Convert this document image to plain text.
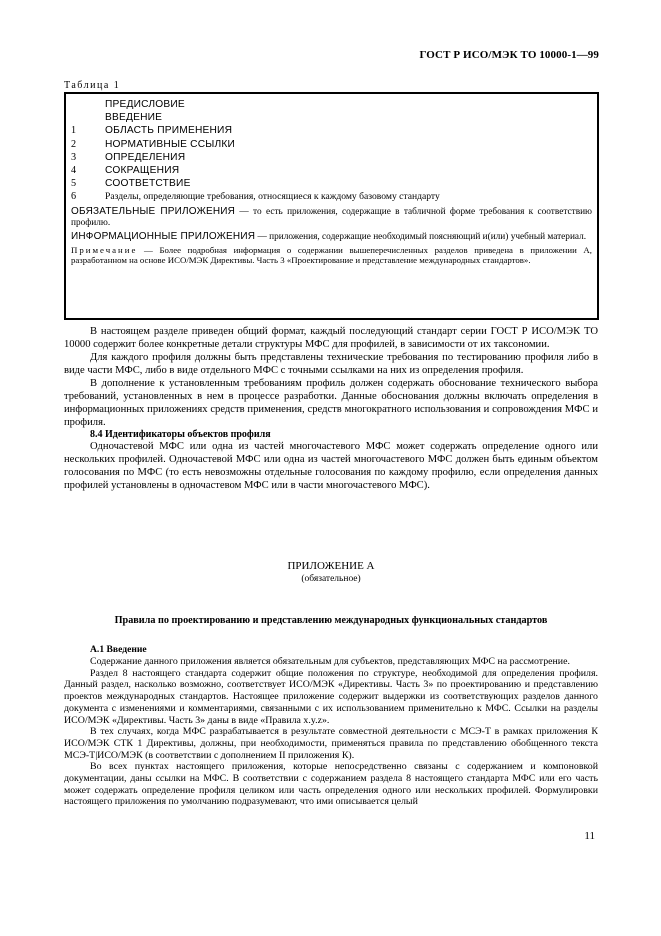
ГОСТ Р ИСО/МЭК ТО 10000-1—99
Таблица 1
ПРЕДИСЛОВИЕ
ВВЕДЕНИЕ
1	ОБЛАСТЬ ПРИМЕНЕНИЯ
2	НОРМАТИВНЫЕ ССЫЛКИ
3	ОПРЕДЕЛЕНИЯ
4	СОКРАЩЕНИЯ
5	СООТВЕТСТВИЕ
6	Разделы, определяющие требования, относящиеся к каждому базовому стандарту
ОБЯЗАТЕЛЬНЫЕ ПРИЛОЖЕНИЯ — то есть приложения, содержащие в табличной форме требования к соответствию профилю.
ИНФОРМАЦИОННЫЕ ПРИЛОЖЕНИЯ — приложения, содержащие необходимый поясняющий и(или) учебный материал.
Примечание — Более подробная информация о содержании вышеперечисленных разделов приведена в приложении А, разработанном на основе ИСО/МЭК Директивы. Часть 3 «Проектирование и представление международных стандартов».

В настоящем разделе приведен общий формат, каждый последующий стандарт серии ГОСТ Р ИСО/МЭК ТО 10000 содержит более конкретные детали структуры МФС для профилей, в зависимости от их таксономии.

Для каждого профиля должны быть представлены технические требования по тестированию профиля либо в виде части МФС, либо в виде отдельного МФС с точными ссылками на них из определения профиля.

В дополнение к установленным требованиям профиль должен содержать обоснование технического выбора требований, установленных в нем в процессе разработки. Данные обоснования должны включать определения в информационных приложениях средств применения, средств многократного использования и сопровождения МФС и профиля.

8.4 Идентификаторы объектов профиля

Одночастевой МФС или одна из частей многочастевого МФС может содержать определение одного или нескольких профилей. Одночастевой МФС или одна из частей многочастевого МФС должен быть единым объектом голосования по МФС (то есть невозможны отдельные голосования по каждому профилю, если определения данных профилей установлены в одночастевом МФС или в части многочастевого МФС).

ПРИЛОЖЕНИЕ А

(обязательное)

Правила по проектированию и представлению международных функциональных стандартов

А.1 Введение

Содержание данного приложения является обязательным для субъектов, представляющих МФС на рассмотрение.

Раздел 8 настоящего стандарта содержит общие положения по структуре, необходимой для определения профиля. Данный раздел, насколько возможно, соответствует ИСО/МЭК «Директивы. Часть 3» по проектированию и представлению проектов международных стандартов. Настоящее приложение содержит выдержки из соответствующих разделов данного документа с изменениями и комментариями, связанными с их использованием применительно к МФС. Ссылки на разделы ИСО/МЭК «Директивы. Часть 3» даны в виде «Правила x.y.z».

В тех случаях, когда МФС разрабатывается в результате совместной деятельности с МСЭ-Т в рамках приложения К ИСО/МЭК СТК 1 Директивы, должны, при необходимости, применяться правила по представлению обобщенного текста МСЭ-Т|ИСО/МЭК (в соответствии с дополнением II приложения К).

Во всех пунктах настоящего приложения, которые непосредственно связаны с содержанием и компоновкой документации, даны ссылки на МФС. В соответствии с содержанием раздела 8 настоящего стандарта МФС или его часть может содержать определение профиля целиком или часть определения одного или нескольких профилей. Формулировки настоящего приложения по умолчанию подразумевают, что ими описывается целый

11
